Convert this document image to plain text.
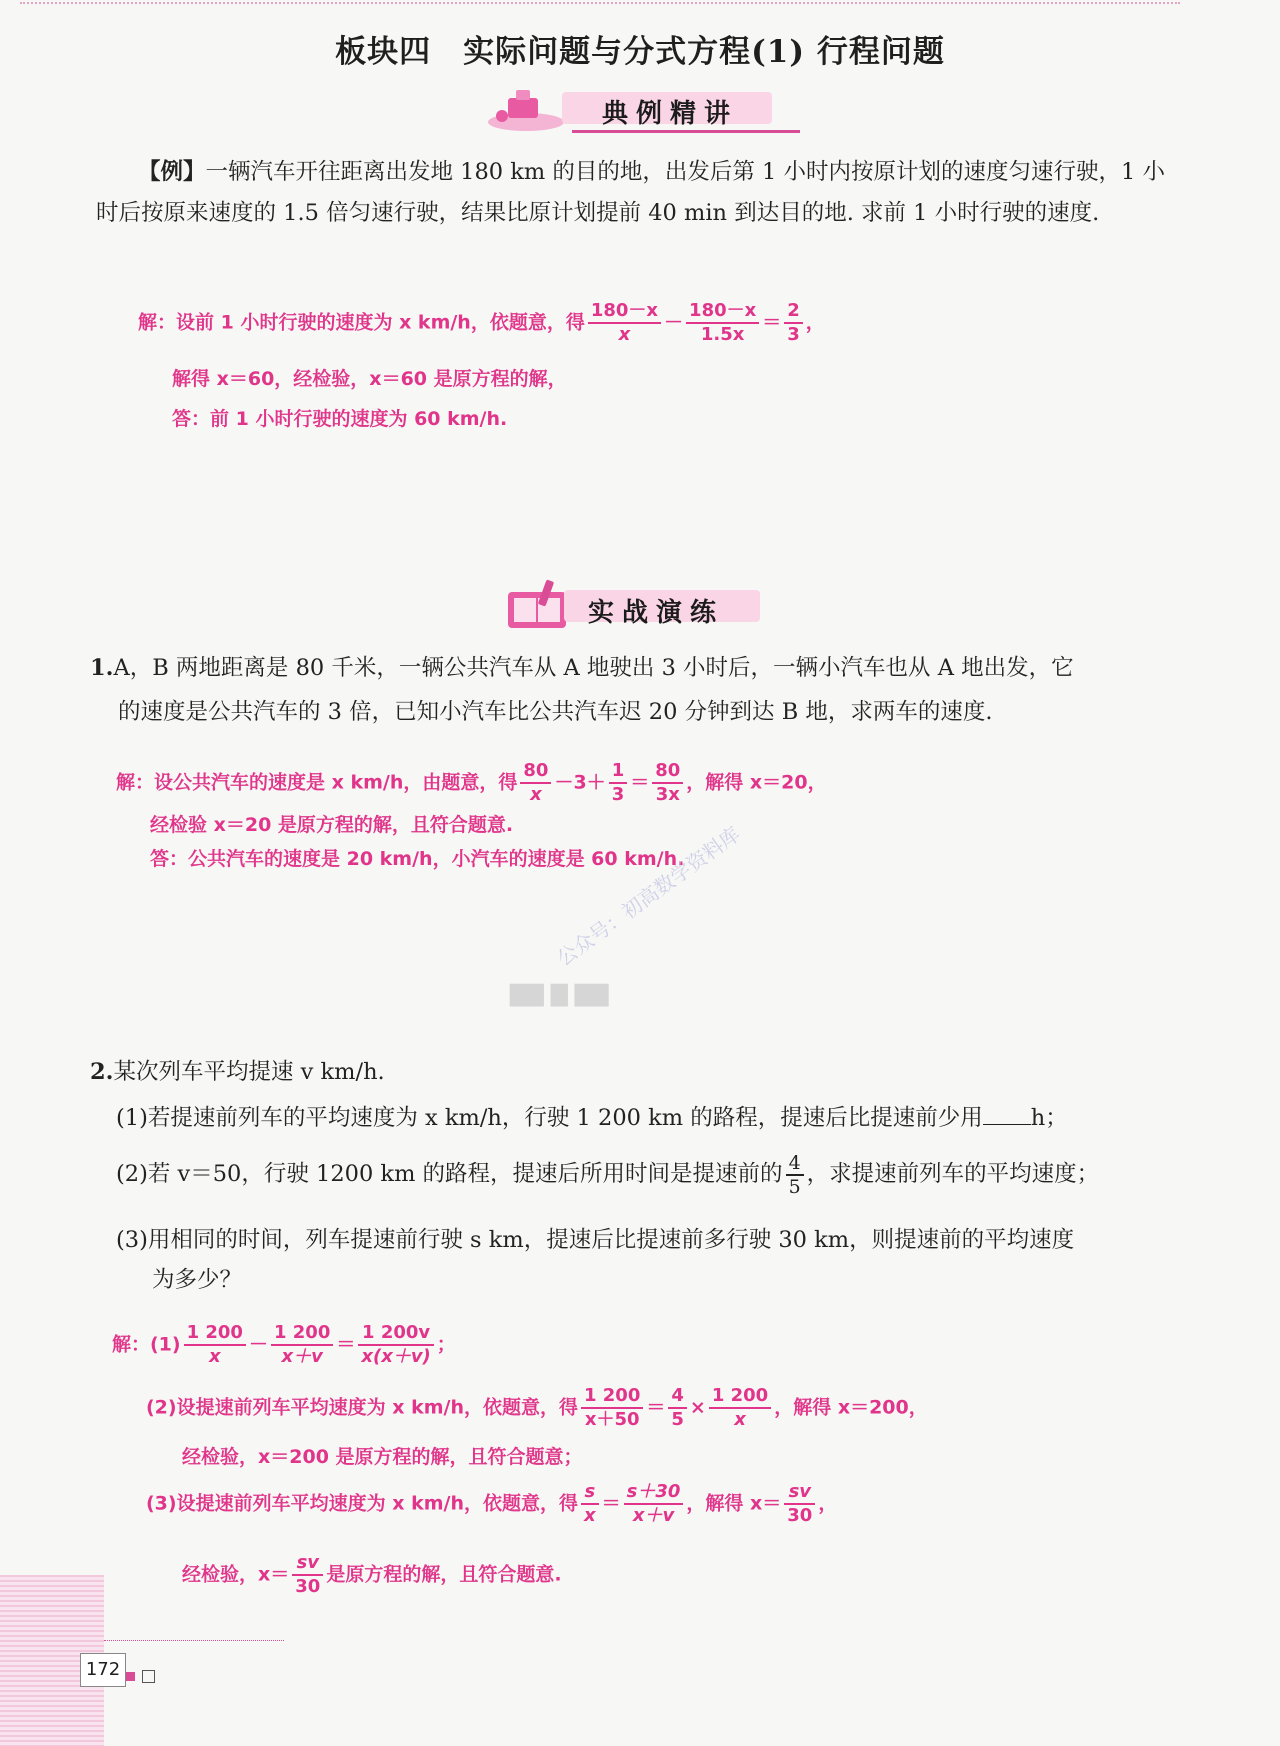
板块四　实际问题与分式方程(1) 行程问题
典例精讲
【例】一辆汽车开往距离出发地 180 km 的目的地，出发后第 1 小时内按原计划的速度匀速行驶，1 小时后按原来速度的 1.5 倍匀速行驶，结果比原计划提前 40 min 到达目的地. 求前 1 小时行驶的速度.
解：设前 1 小时行驶的速度为 x km/h，依题意，得 $\frac{180-x}{x} - \frac{180-x}{1.5x} = \frac{2}{3}$ ，
解得 x＝60，经检验，x＝60 是原方程的解，
答：前 1 小时行驶的速度为 60 km/h.
实战演练
1.A，B 两地距离是 80 千米，一辆公共汽车从 A 地驶出 3 小时后，一辆小汽车也从 A 地出发，它
的速度是公共汽车的 3 倍，已知小汽车比公共汽车迟 20 分钟到达 B 地，求两车的速度.
解：设公共汽车的速度是 x km/h，由题意，得 $\frac{80}{x} -3+ \frac{1}{3} = \frac{80}{3x}$ ，解得 x＝20，
经检验 x＝20 是原方程的解，且符合题意.
答：公共汽车的速度是 20 km/h，小汽车的速度是 60 km/h.
公众号：初高数学资料库
▇▇ ▇ ▇▇
2.某次列车平均提速 v km/h.
(1)若提速前列车的平均速度为 x km/h，行驶 1 200 km 的路程，提速后比提速前少用 h；
(2)若 v＝50，行驶 1200 km 的路程，提速后所用时间是提速前的 $\frac{4}{5}$ ，求提速前列车的平均速度；
(3)用相同的时间，列车提速前行驶 s km，提速后比提速前多行驶 30 km，则提速前的平均速度
为多少？
解：$(1) \frac{1 200}{x} - \frac{1 200}{x+v} = \frac{1 200v}{x(x+v)}$ ；
(2)设提速前列车平均速度为 x km/h，依题意，得 $\frac{1 200}{x+50} = \frac{4}{5} \times \frac{1 200}{x}$ ，解得 x＝200，
经检验，x＝200 是原方程的解，且符合题意；
(3)设提速前列车平均速度为 x km/h，依题意，得 $\frac{s}{x} = \frac{s+30}{x+v}$ ，解得 $x= \frac{sv}{30}$ ，
经检验，$x= \frac{sv}{30}$ 是原方程的解，且符合题意.
172
